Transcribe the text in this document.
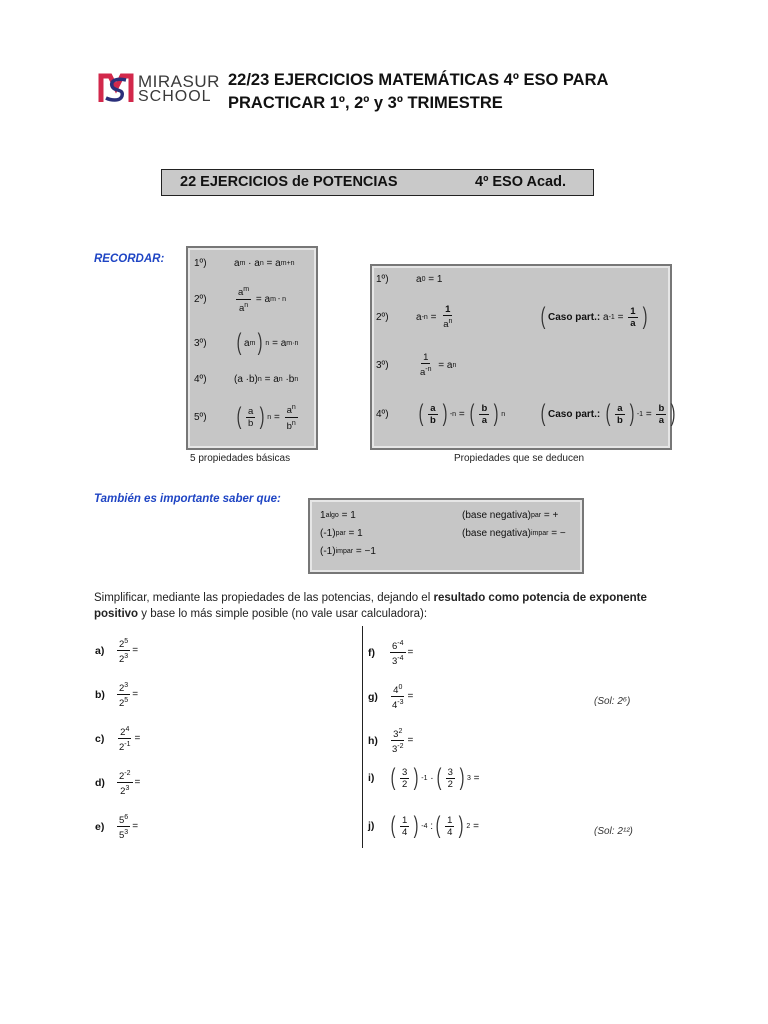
MIRASUR
SCHOOL
22/23 EJERCICIOS MATEMÁTICAS 4º ESO PARA
PRACTICAR 1º, 2º y 3º TRIMESTRE
22 EJERCICIOS de POTENCIAS	4º ESO Acad.
RECORDAR:	1º)	a m · a n = a m+n
2º)	$\frac{a^m}{a^n} = a$ m - n
3º) ( a m ) n = a m·n
4º)	(a ·b) n = a n ·b n
5º) ( $\frac{a}{b}$ ) $n = \frac{a^n}{b^n}$
5 propiedades básicas
1º)	a 0 = 1
2º)	a $-n = \frac{1}{a^n}$	( Caso part.: a $-1 = \frac{1}{a}$ )
3º)	$\frac{1}{a^{-n}} = a$ n
4º) ( $\frac{a}{b}$ ) -n = ( $\frac{b}{a}$ ) n ( Caso part.:
( $\frac{a}{b}$ ) $-1 = \frac{b}{a}$ )
Propiedades que se deducen
También es importante saber que:
1 algo = 1
(-1) par = 1
(-1) impar = −1
( base negativa ) par = +
( base negativa ) impar = −
Simplificar, mediante las propiedades de las potencias, dejando el resultado como potencia de exponente positivo y base lo más simple posible (no vale usar calculadora):
a)	$\frac{2^5}{2^3}$ =
b)	$\frac{2^3}{2^5}$ =
c)	$\frac{2^4}{2^{-1}}$ =
d)	$\frac{2^{-2}}{2^3}$ =
e)	$\frac{5^6}{5^3}$ =
f)	$\frac{6^{-4}}{3^{-4}}$ =
g)	$\frac{4^0}{4^{-3}}$ =	(Sol: 2⁶)
h)	$\frac{3^2}{3^{-2}}$ =
i) ( $\frac{3}{2}$ ) -1 · ( $\frac{3}{2}$ ) 3 =
j) ( $\frac{1}{4}$ ) -4 : ( $\frac{1}{4}$ ) 2 =	(Sol: 2¹²)
